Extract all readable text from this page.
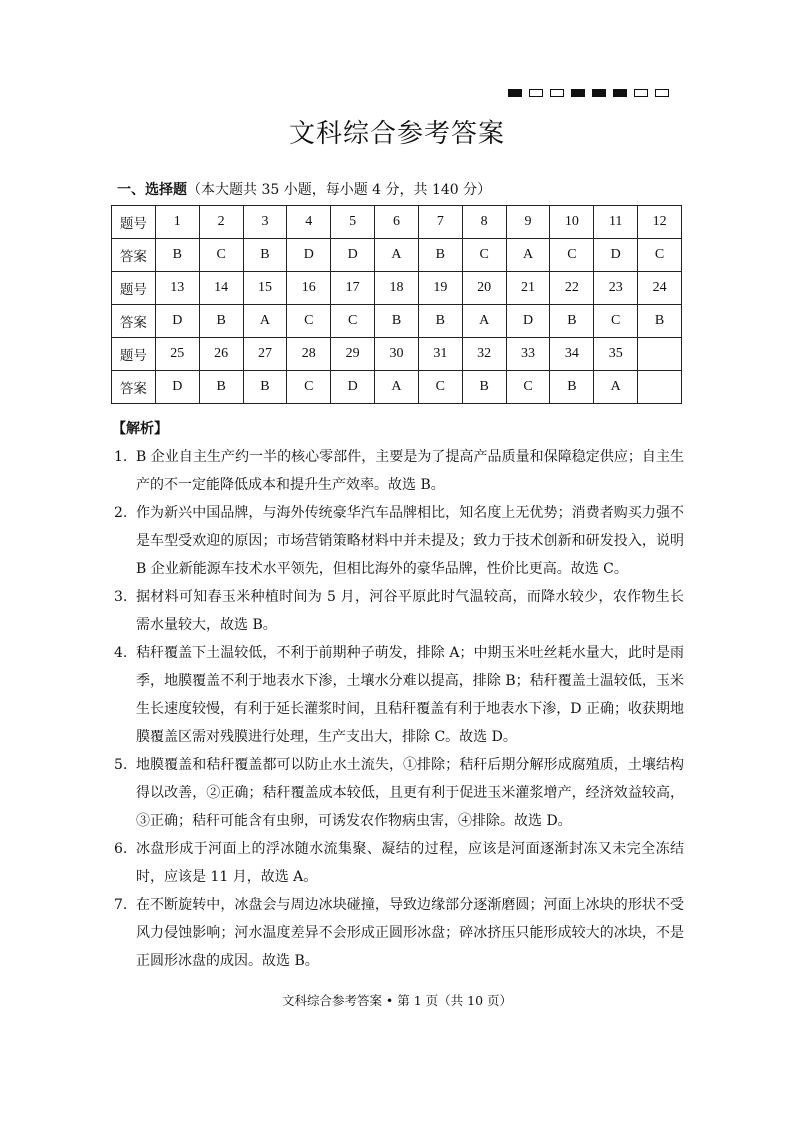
文科综合参考答案
一、选择题（本大题共 35 小题，每小题 4 分，共 140 分）
题号	1	2	3	4	5	6	7	8	9	10	11	12
答案	B	C	B	D	D	A	B	C	A	C	D	C
题号	13	14	15	16	17	18	19	20	21	22	23	24
答案	D	B	A	C	C	B	B	A	D	B	C	B
题号	25	26	27	28	29	30	31	32	33	34	35	
答案	D	B	B	C	D	A	C	B	C	B	A	
【解析】
1. B 企业自主生产约一半的核心零部件，主要是为了提高产品质量和保障稳定供应；自主生产的不一定能降低成本和提升生产效率。故选 B。
2. 作为新兴中国品牌，与海外传统豪华汽车品牌相比，知名度上无优势；消费者购买力强不是车型受欢迎的原因；市场营销策略材料中并未提及；致力于技术创新和研发投入，说明 B 企业新能源车技术水平领先，但相比海外的豪华品牌，性价比更高。故选 C。
3. 据材料可知春玉米种植时间为 5 月，河谷平原此时气温较高，而降水较少，农作物生长需水量较大，故选 B。
4. 秸秆覆盖下土温较低，不利于前期种子萌发，排除 A；中期玉米吐丝耗水量大，此时是雨季，地膜覆盖不利于地表水下渗，土壤水分难以提高，排除 B；秸秆覆盖土温较低，玉米生长速度较慢，有利于延长灌浆时间，且秸秆覆盖有利于地表水下渗，D 正确；收获期地膜覆盖区需对残膜进行处理，生产支出大，排除 C。故选 D。
5. 地膜覆盖和秸秆覆盖都可以防止水土流失，①排除；秸秆后期分解形成腐殖质，土壤结构得以改善，②正确；秸秆覆盖成本较低，且更有利于促进玉米灌浆增产，经济效益较高，③正确；秸秆可能含有虫卵，可诱发农作物病虫害，④排除。故选 D。
6. 冰盘形成于河面上的浮冰随水流集聚、凝结的过程，应该是河面逐渐封冻又未完全冻结时，应该是 11 月，故选 A。
7. 在不断旋转中，冰盘会与周边冰块碰撞，导致边缘部分逐渐磨圆；河面上冰块的形状不受风力侵蚀影响；河水温度差异不会形成正圆形冰盘；碎冰挤压只能形成较大的冰块，不是正圆形冰盘的成因。故选 B。
文科综合参考答案 • 第 1 页（共 10 页）
